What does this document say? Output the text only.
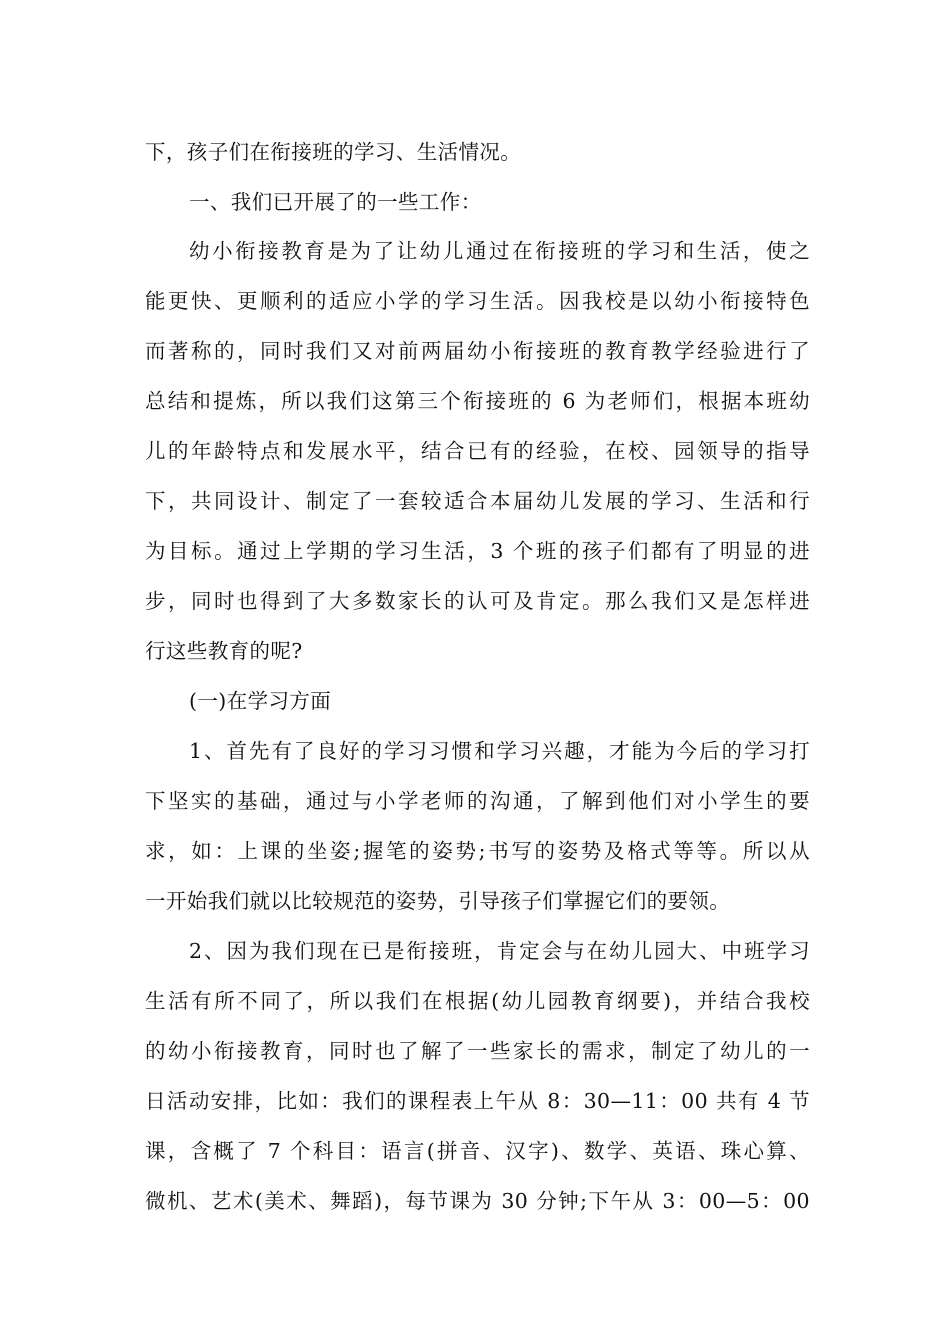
下，孩子们在衔接班的学习、生活情况。
一、我们已开展了的一些工作：
幼小衔接教育是为了让幼儿通过在衔接班的学习和生活，使之
能更快、更顺利的适应小学的学习生活。因我校是以幼小衔接特色
而著称的，同时我们又对前两届幼小衔接班的教育教学经验进行了
总结和提炼，所以我们这第三个衔接班的 6 为老师们，根据本班幼
儿的年龄特点和发展水平，结合已有的经验，在校、园领导的指导
下，共同设计、制定了一套较适合本届幼儿发展的学习、生活和行
为目标。通过上学期的学习生活，3 个班的孩子们都有了明显的进
步，同时也得到了大多数家长的认可及肯定。那么我们又是怎样进
行这些教育的呢?
(一)在学习方面
1、首先有了良好的学习习惯和学习兴趣，才能为今后的学习打
下坚实的基础，通过与小学老师的沟通，了解到他们对小学生的要
求，如：上课的坐姿;握笔的姿势;书写的姿势及格式等等。所以从
一开始我们就以比较规范的姿势，引导孩子们掌握它们的要领。
2、因为我们现在已是衔接班，肯定会与在幼儿园大、中班学习
生活有所不同了，所以我们在根据(幼儿园教育纲要)，并结合我校
的幼小衔接教育，同时也了解了一些家长的需求，制定了幼儿的一
日活动安排，比如：我们的课程表上午从 8：30—11：00 共有 4 节
课，含概了 7 个科目：语言(拼音、汉字)、数学、英语、珠心算、
微机、艺术(美术、舞蹈)，每节课为 30 分钟;下午从 3：00—5：00
